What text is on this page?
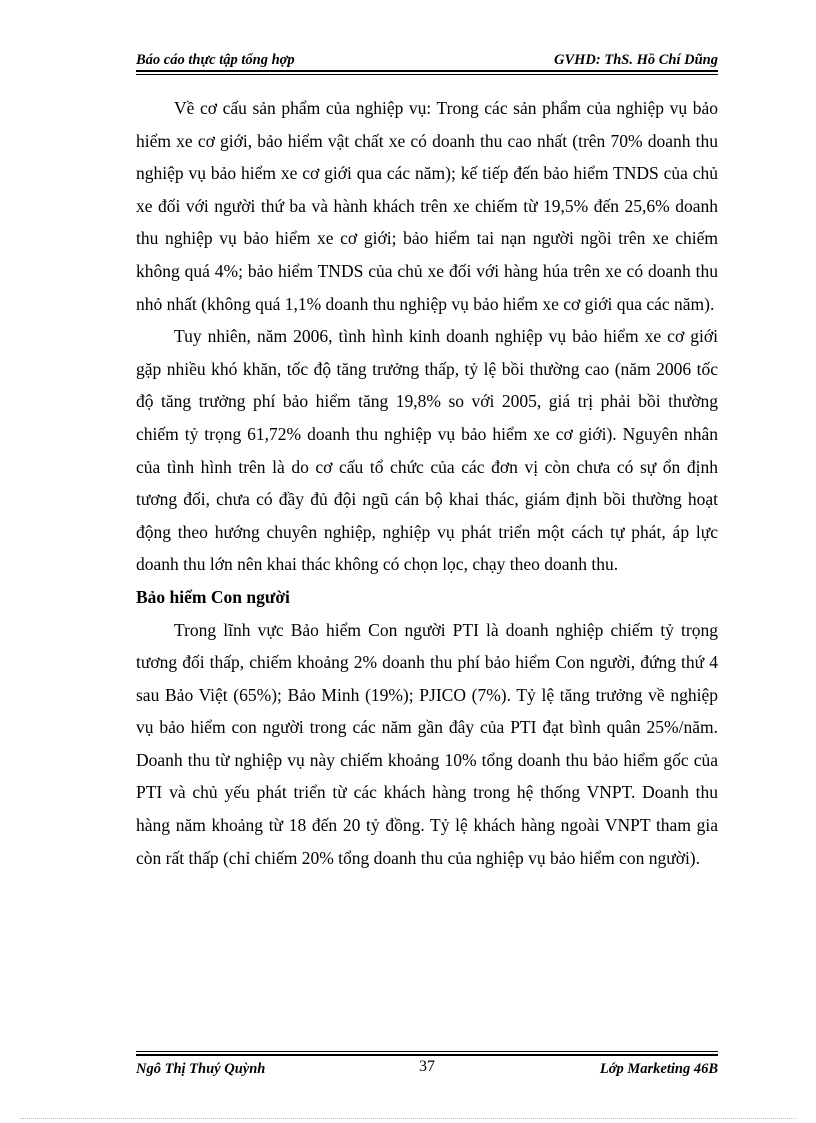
Báo cáo thực tập tổng hợp	GVHD: ThS. Hồ Chí Dũng

Về cơ cấu sản phẩm của nghiệp vụ: Trong các sản phẩm của nghiệp vụ bảo hiểm xe cơ giới, bảo hiểm vật chất xe có doanh thu cao nhất (trên 70% doanh thu nghiệp vụ bảo hiểm xe cơ giới qua các năm); kế tiếp đến bảo hiểm TNDS của chủ xe đối với người thứ ba và hành khách trên xe chiếm từ 19,5% đến 25,6% doanh thu nghiệp vụ bảo hiểm xe cơ giới; bảo hiểm tai nạn người ngồi trên xe chiếm không quá 4%; bảo hiểm TNDS của chủ xe đối với hàng húa trên xe có doanh thu nhỏ nhất (không quá 1,1% doanh thu nghiệp vụ bảo hiểm xe cơ giới qua các năm).

Tuy nhiên, năm 2006, tình hình kinh doanh nghiệp vụ bảo hiểm xe cơ giới gặp nhiều khó khăn, tốc độ tăng trưởng thấp, tỷ lệ bồi thường cao (năm 2006 tốc độ tăng trưởng phí bảo hiểm tăng 19,8% so với 2005, giá trị phải bồi thường chiếm tỷ trọng 61,72% doanh thu nghiệp vụ bảo hiểm xe cơ giới). Nguyên nhân của tình hình trên là do cơ cấu tổ chức của các đơn vị còn chưa có sự ổn định tương đối, chưa có đầy đủ đội ngũ cán bộ khai thác, giám định bồi thường hoạt động theo hướng chuyên nghiệp, nghiệp vụ phát triển một cách tự phát, áp lực doanh thu lớn nên khai thác không có chọn lọc, chạy theo doanh thu.

Bảo hiểm Con người

Trong lĩnh vực Bảo hiểm Con người PTI là doanh nghiệp chiếm tỷ trọng tương đối thấp, chiếm khoảng 2% doanh thu phí bảo hiểm Con người, đứng thứ 4 sau Bảo Việt (65%); Bảo Minh (19%); PJICO (7%). Tỷ lệ tăng trưởng về nghiệp vụ bảo hiểm con người trong các năm gần đây của PTI đạt bình quân 25%/năm. Doanh thu từ nghiệp vụ này chiếm khoảng 10% tổng doanh thu bảo hiểm gốc của PTI và chủ yếu phát triển từ các khách hàng trong hệ thống VNPT. Doanh thu hàng năm khoảng từ 18 đến 20 tỷ đồng. Tỷ lệ khách hàng ngoài VNPT tham gia còn rất thấp (chỉ chiếm 20% tổng doanh thu của nghiệp vụ bảo hiểm con người).

Ngô Thị Thuý Quỳnh	37	Lớp Marketing 46B
